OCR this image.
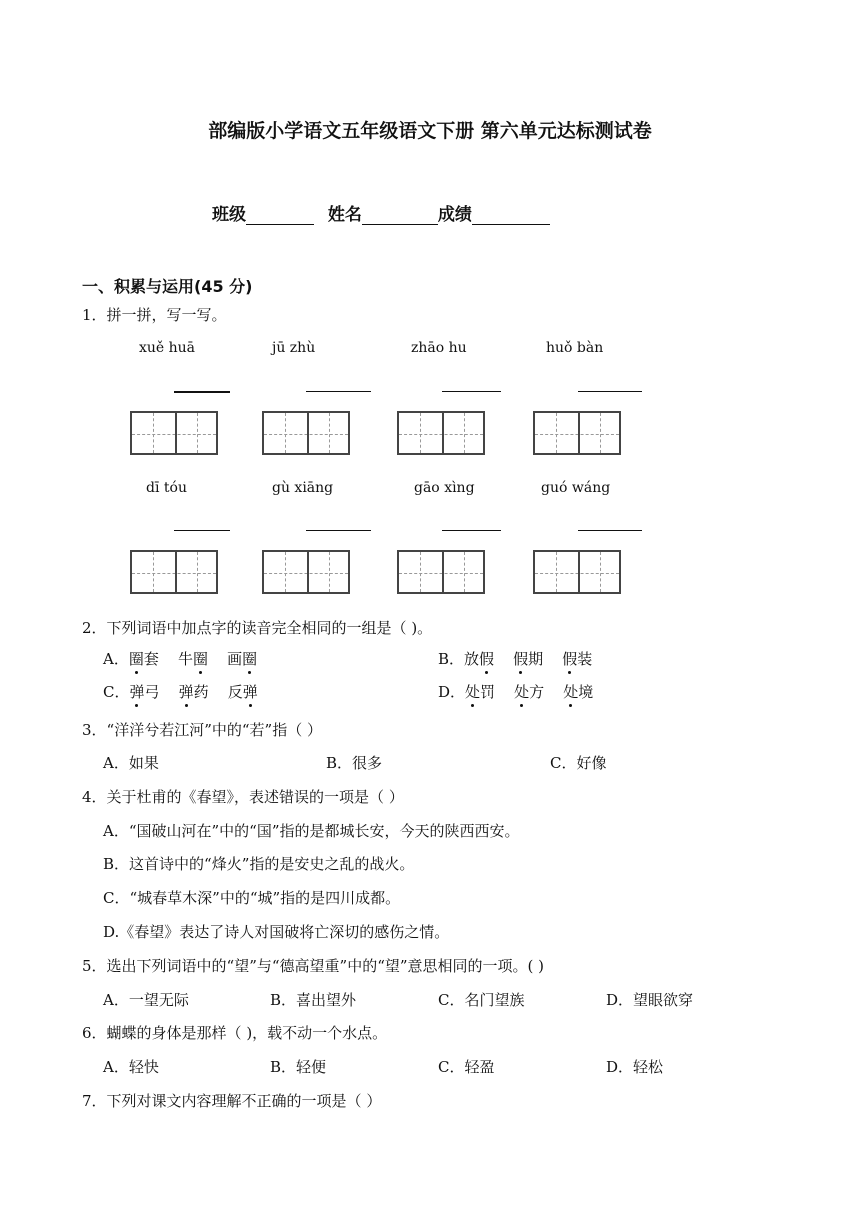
部编版小学语文五年级语文下册 第六单元达标测试卷
班级	姓名	成绩
一、积累与运用(45 分)
1．拼一拼，写一写。
xuě huā	jū zhù	zhāo hu	huǒ bàn
dī tóu	gù xiāng	gāo xìng	guó wáng
2．下列词语中加点字的读音完全相同的一组是（ )。
A．圈套 牛圈 画圈	B．放假 假期 假装
C．弹弓 弹药 反弹	D．处罚 处方 处境
3．“洋洋兮若江河”中的“若”指（ ）
A．如果	B．很多	C．好像
4．关于杜甫的《春望》，表述错误的一项是（ ）
A．“国破山河在”中的“国”指的是都城长安，今天的陕西西安。
B．这首诗中的“烽火”指的是安史之乱的战火。
C．“城春草木深”中的“城”指的是四川成都。
D.《春望》表达了诗人对国破将亡深切的感伤之情。
5．选出下列词语中的“望”与“德高望重”中的“望”意思相同的一项。( )
A．一望无际	B．喜出望外	C．名门望族	D．望眼欲穿
6．蝴蝶的身体是那样（ )，载不动一个水点。
A．轻快	B．轻便	C．轻盈	D．轻松
7．下列对课文内容理解不正确的一项是（ ）
